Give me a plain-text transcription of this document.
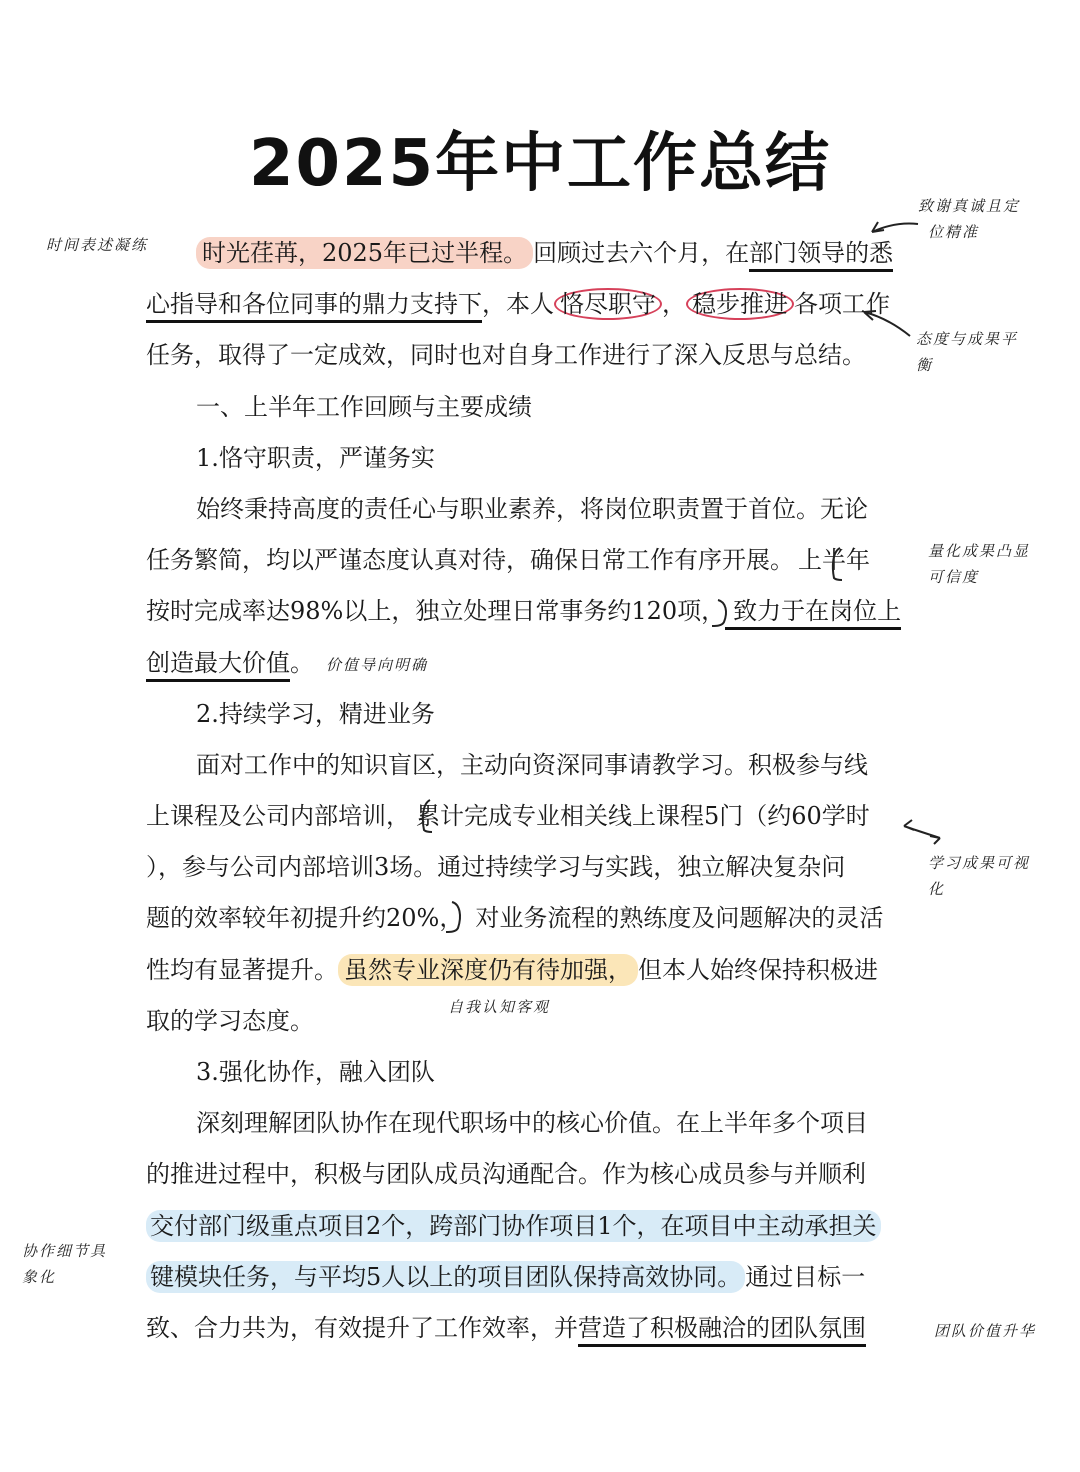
2025年中工作总结
时光荏苒，2025年已过半程。 回顾过去六个月，在部门领导的悉
心指导和各位同事的鼎力支持下，本人 恪尽职守 ， 稳步推进 各项工作
任务，取得了一定成效，同时也对自身工作进行了深入反思与总结。
一、上半年工作回顾与主要成绩
1.恪守职责，严谨务实
始终秉持高度的责任心与职业素养，将岗位职责置于首位。无论
任务繁简，均以严谨态度认真对待，确保日常工作有序开展。 上半年
按时完成率达98%以上，独立处理日常事务约120项， 致力于在岗位上
创造最大价值。
2.持续学习，精进业务
面对工作中的知识盲区，主动向资深同事请教学习。积极参与线
上课程及公司内部培训， 累计完成专业相关线上课程5门（约60学时
），参与公司内部培训3场。通过持续学习与实践，独立解决复杂问
题的效率较年初提升约20%， 对业务流程的熟练度及问题解决的灵活
性均有显著提升。 虽然专业深度仍有待加强， 但本人始终保持积极进
取的学习态度。
3.强化协作，融入团队
深刻理解团队协作在现代职场中的核心价值。在上半年多个项目
的推进过程中，积极与团队成员沟通配合。作为核心成员参与并顺利
交付部门级重点项目2个，跨部门协作项目1个，在项目中主动承担关
键模块任务，与平均5人以上的项目团队保持高效协同。 通过目标一
致、合力共为，有效提升了工作效率，并营造了积极融洽的团队氛围
时间表述凝练
致谢真诚且定
位精准
态度与成果平
衡
量化成果凸显
可信度
价值导向明确
学习成果可视
化
自我认知客观
协作细节具
象化
团队价值升华
